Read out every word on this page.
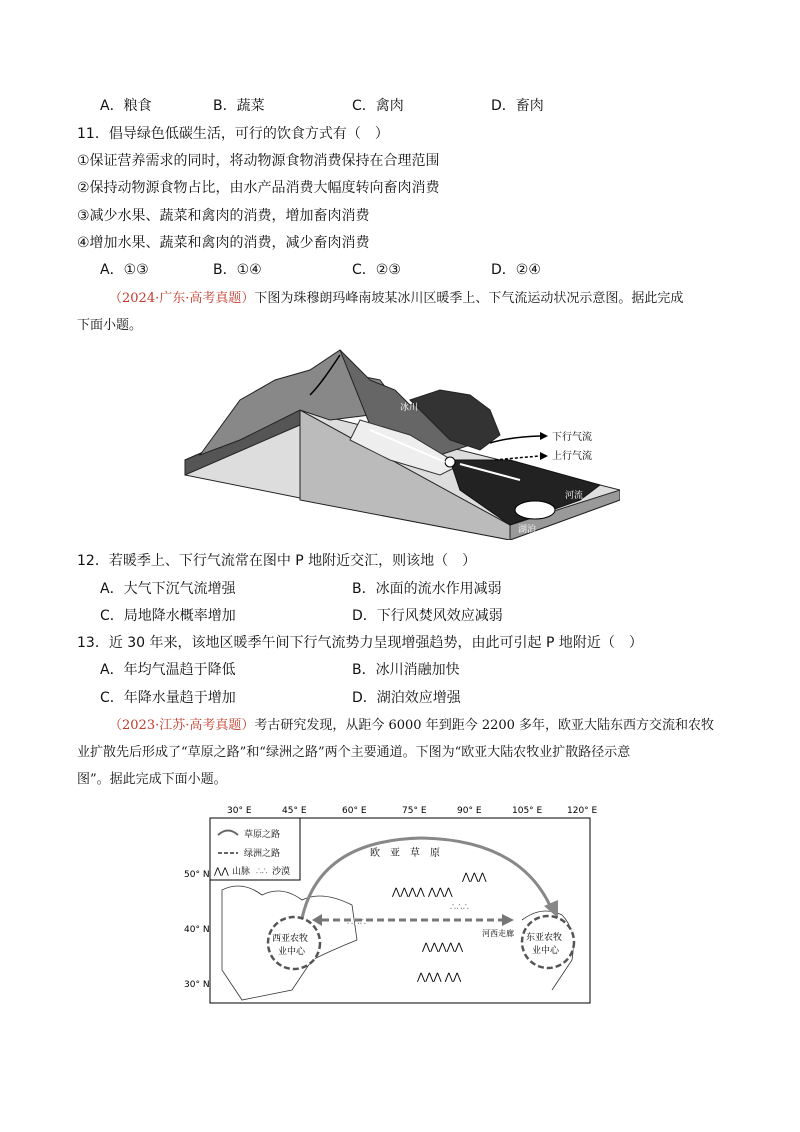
A．粮食	B．蔬菜	C．禽肉	D．畜肉
11．倡导绿色低碳生活，可行的饮食方式有（　）
①保证营养需求的同时，将动物源食物消费保持在合理范围
②保持动物源食物占比，由水产品消费大幅度转向畜肉消费
③减少水果、蔬菜和禽肉的消费，增加畜肉消费
④增加水果、蔬菜和禽肉的消费，减少畜肉消费
A．①③	B．①④	C．②③	D．②④
（2024·广东·高考真题）下图为珠穆朗玛峰南坡某冰川区暖季上、下气流运动状况示意图。据此完成
下面小题。
下行气流
上行气流
冰川
河流
湖泊
12．若暖季上、下行气流常在图中 P 地附近交汇，则该地（　）
A．大气下沉气流增强	B．冰面的流水作用减弱
C．局地降水概率增加	D．下行风焚风效应减弱
13．近 30 年来，该地区暖季午间下行气流势力呈现增强趋势，由此可引起 P 地附近（　）
A．年均气温趋于降低	B．冰川消融加快
C．年降水量趋于增加	D．湖泊效应增强
（2023·江苏·高考真题）考古研究发现，从距今 6000 年到距今 2200 多年，欧亚大陆东西方交流和农牧
业扩散先后形成了“草原之路”和“绿洲之路”两个主要通道。下图为“欧亚大陆农牧业扩散路径示意
图”。据此完成下面小题。
30° E	45° E	60° E	75° E	90° E	105° E	120° E
50° N
40° N
30° N
草原之路
绿洲之路
⋀⋀ 山脉 ∴∴ 沙漠
欧　亚　草　原
⋀⋀⋀⋀ ⋀⋀⋀
⋀⋀⋀⋀⋀
⋀⋀⋀ ⋀⋀
⋀⋀⋀
∴∴∴
∴∴∴
河西走廊
西亚农牧
业中心
东亚农牧
业中心
